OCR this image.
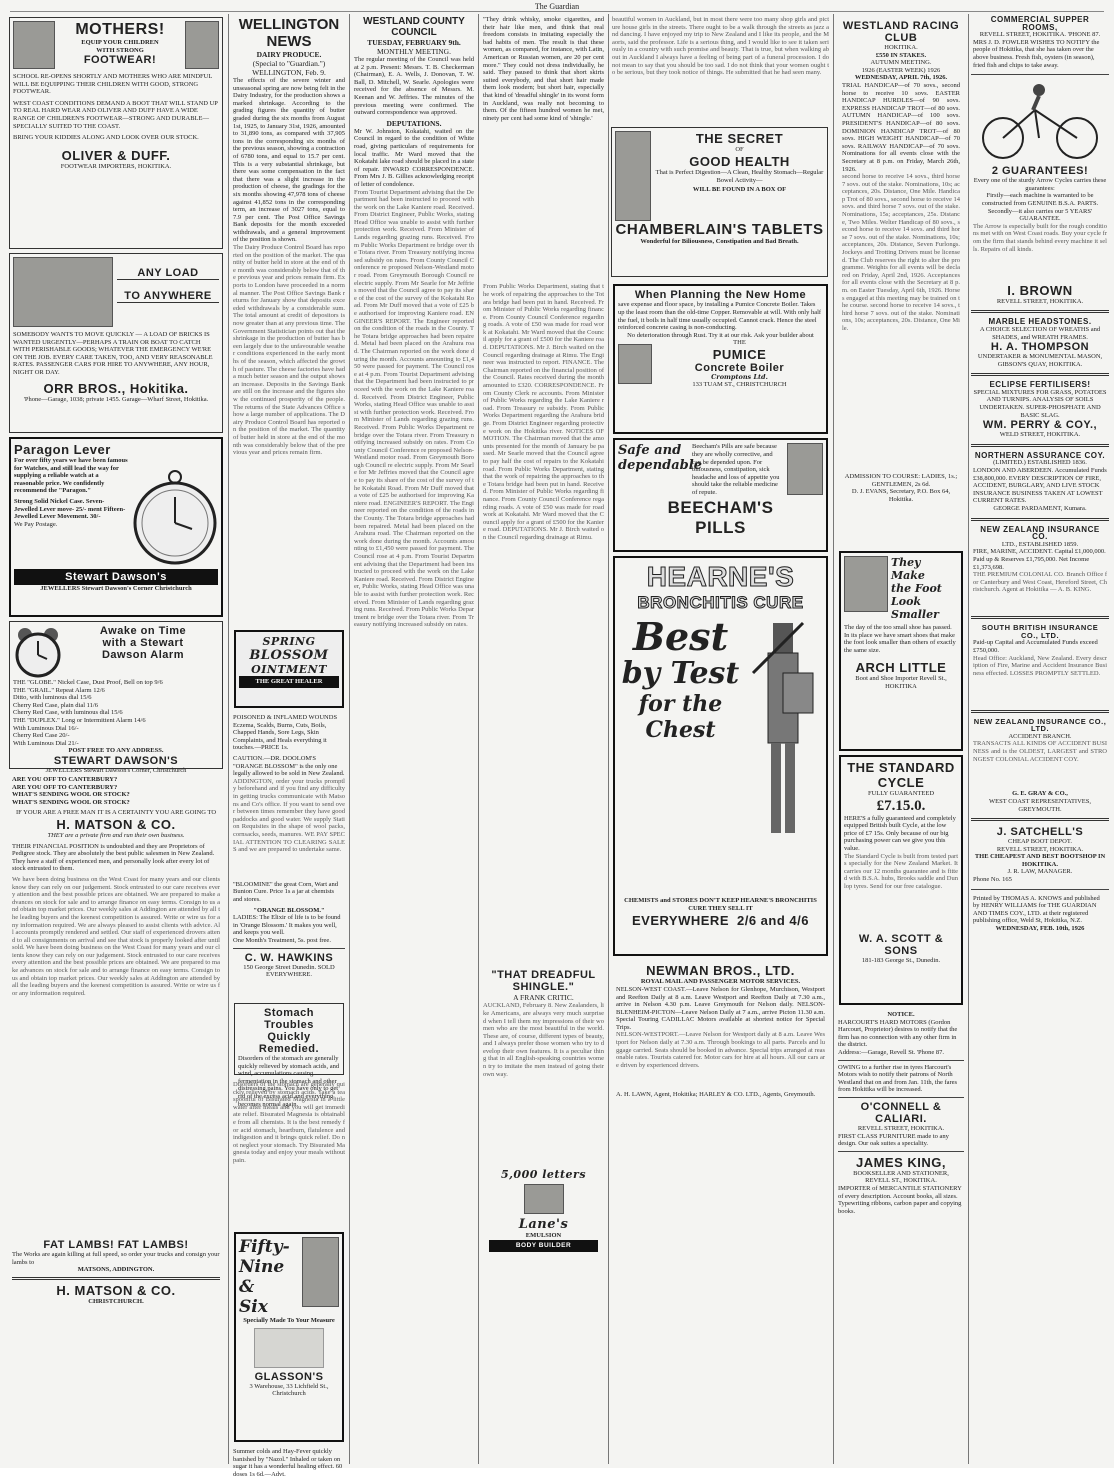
The Guardian
MOTHERS!
EQUIP YOUR CHILDREN
WITH STRONG
FOOTWEAR!
SCHOOL RE-OPENS SHORTLY AND MOTHERS WHO ARE MINDFUL WILL BE EQUIPPING THEIR CHILDREN WITH GOOD, STRONG FOOTWEAR.
WEST COAST CONDITIONS DEMAND A BOOT THAT WILL STAND UP TO REAL HARD WEAR AND OLIVER AND DUFF HAVE A WIDE RANGE OF CHILDREN'S FOOTWEAR—STRONG AND DURABLE—SPECIALLY SUITED TO THE COAST.
BRING YOUR KIDDIES ALONG AND LOOK OVER OUR STOCK.
OLIVER & DUFF.
FOOTWEAR IMPORTERS, HOKITIKA.
ANY LOAD
TO ANYWHERE
SOMEBODY WANTS TO MOVE QUICKLY — A LOAD OF BRICKS IS WANTED URGENTLY—PERHAPS A TRAIN OR BOAT TO CATCH WITH PERISHABLE GOODS; WHATEVER THE EMERGENCY WE'RE ON THE JOB. EVERY CARE TAKEN, TOO, AND VERY REASONABLE RATES. PASSENGER CARS FOR HIRE TO ANYWHERE, ANY HOUR, NIGHT OR DAY.
ORR BROS., Hokitika.
'Phone—Garage, 1038; private 1455. Garage—Wharf Street, Hokitika.
Paragon Lever
For over fifty years we have been famous for Watches, and still lead the way for supplying a reliable watch at a reasonable price. We confidently recommend the "Paragon."
Strong Solid Nickel Case. Seven-Jewelled Lever move- 25/- ment Fifteen-Jewelled Lever Movement. 30/-
We Pay Postage.
Stewart Dawson's
JEWELLERS Stewart Dawson's Corner Christchurch
Awake on Time
with a Stewart
Dawson Alarm
THE "GLOBE." Nickel Case, Dust Proof, Bell on top 9/6
THE "GRAIL." Repeat Alarm 12/6
Ditto, with luminous dial 15/6
Cherry Red Case, plain dial 11/6
Cherry Red Case, with luminous dial 15/6
THE "DUPLEX." Long or Intermittent Alarm 14/6
With Luminous Dial 16/-
Cherry Red Case 20/-
With Luminous Dial 21/-
POST FREE TO ANY ADDRESS.
STEWART DAWSON'S
JEWELLERS Stewart Dawson's Corner, Christchurch
ARE YOU OFF TO CANTERBURY?
ARE YOU OFF TO CANTERBURY?
WHAT'S SENDING WOOL OR STOCK?
WHAT'S SENDING WOOL OR STOCK?
IF YOUR ARE A FREE MAN IT IS A CERTAINTY YOU ARE GOING TO
H. MATSON & CO.
THEY are a private firm and run their own business.
THEIR FINANCIAL POSITION is undoubted and they are Proprietors of Pedigree stock. They are absolutely the best public salesmen in New Zealand. They have a staff of experienced men, and personally look after every lot of stock entrusted to them.
We have been doing business on the West Coast for many years and our clients know they can rely on our judgement. Stock entrusted to our care receives every attention and the best possible prices are obtained. We are prepared to make advances on stock for sale and to arrange finance on easy terms. Consign to us and obtain top market prices. Our weekly sales at Addington are attended by all the leading buyers and the keenest competition is assured. Write or wire us for any information required. We are always pleased to assist clients with advice. All accounts promptly rendered and settled. Our staff of experienced drovers attend to all consignments on arrival and see that stock is properly looked after until sold. We have been doing business on the West Coast for many years and our clients know they can rely on our judgement. Stock entrusted to our care receives every attention and the best possible prices are obtained. We are prepared to make advances on stock for sale and to arrange finance on easy terms. Consign to us and obtain top market prices. Our weekly sales at Addington are attended by all the leading buyers and the keenest competition is assured. Write or wire us for any information required.
FAT LAMBS! FAT LAMBS!
The Works are again killing at full speed, so order your trucks and consign your lambs to
MATSONS, ADDINGTON.
H. MATSON & CO.
CHRISTCHURCH.
WELLINGTON NEWS
DAIRY PRODUCE.
(Special to "Guardian.")
WELLINGTON, Feb. 9.
The effects of the severe winter and unseasonal spring are now being felt in the Dairy Industry, for the production shows a marked shrinkage. According to the grading figures the quantity of butter graded during the six months from August 1st, 1925, to January 31st, 1926, amounted to 31,890 tons, as compared with 37,905 tons in the corresponding six months of the previous season, showing a contraction of 6780 tons, and equal to 15.7 per cent. This is a very substantial shrinkage, but there was some compensation in the fact that there was a slight increase in the production of cheese, the gradings for the six months showing 47,978 tons of cheese against 41,852 tons in the corresponding term, an increase of 3027 tons, equal to 7.9 per cent. The Post Office Savings Bank deposits for the month exceeded withdrawals, and a general improvement of the position is shown.
The Dairy Produce Control Board has reported on the position of the market. The quantity of butter held in store at the end of the month was considerably below that of the previous year and prices remain firm. Exports to London have proceeded in a normal manner. The Post Office Savings Bank returns for January show that deposits exceeded withdrawals by a considerable sum. The total amount at credit of depositors is now greater than at any previous time. The Government Statistician points out that the shrinkage in the production of butter has been largely due to the unfavourable weather conditions experienced in the early months of the season, which affected the growth of pasture. The cheese factories have had a much better season and the output shows an increase. Deposits in the Savings Bank are still on the increase and the figures show the continued prosperity of the people. The returns of the State Advances Office show a large number of applications. The Dairy Produce Control Board has reported on the position of the market. The quantity of butter held in store at the end of the month was considerably below that of the previous year and prices remain firm.
SPRING
BLOSSOM
OINTMENT
THE GREAT HEALER
POISONED & INFLAMED WOUNDS Eczema, Scalds, Burns, Cuts, Boils, Chapped Hands, Sore Legs, Skin Complaints, and Heals everything it touches.—PRICE 1s.
CAUTION.—DR. DOOLOM'S "ORANGE BLOSSOM" is the only one legally allowed to be sold in New Zealand.
ADDINGTON, order your trucks promptly beforehand and if you find any difficulty in getting trucks communicate with Matsons and Co's office. If you want to send over between times remember they have good paddocks and good water. We supply Station Requisites in the shape of wool packs, cornsacks, seeds, manures. WE PAY SPECIAL ATTENTION TO CLEARING SALES and we are prepared to undertake same.
"BLOOMINE" the great Corn, Wart and Bunion Cure. Price 1s a jar at chemists and stores.
"ORANGE BLOSSOM."
LADIES: The Elixir of life is to be found in 'Orange Blossom.' It makes you well, and keeps you well.
One Month's Treatment, 5s. post free.
C. W. HAWKINS
150 George Street Dunedin. SOLD EVERYWHERE.
WESTLAND COUNTY COUNCIL
TUESDAY, FEBRUARY 9th.
MONTHLY MEETING.
The regular meeting of the Council was held at 2 p.m. Present: Messrs. T. B. Checkerman (Chairman), E. A. Wells, J. Donovan, T. W. Ball, D. Mitchell, W. Searle. Apologies were received for the absence of Messrs. M. Keenan and W. Jeffries. The minutes of the previous meeting were confirmed. The outward correspondence was approved.
DEPUTATIONS.
Mr W. Johnston, Kokatahi, waited on the Council in regard to the condition of White road, giving particulars of requirements for local traffic. Mr Ward moved that the Kokatahi lake road should be placed in a state of repair. INWARD CORRESPONDENCE. From Mrs J. B. Gillies acknowledging receipt of letter of condolence.
From Tourist Department advising that the Department had been instructed to proceed with the work on the Lake Kaniere road. Received. From District Engineer, Public Works, stating Head Office was unable to assist with further protection work. Received. From Minister of Lands regarding grazing runs. Received. From Public Works Department re bridge over the Totara river. From Treasury notifying increased subsidy on rates. From County Council Conference re proposed Nelson-Westland motor road. From Greymouth Borough Council re electric supply. From Mr Searle for Mr Jeffries moved that the Council agree to pay its share of the cost of the survey of the Kokatahi Road. From Mr Duff moved that a vote of £25 be authorised for improving Kaniere road. ENGINEER'S REPORT. The Engineer reported on the condition of the roads in the County. The Totara bridge approaches had been repaired. Metal had been placed on the Arahura road. The Chairman reported on the work done during the month. Accounts amounting to £1,450 were passed for payment. The Council rose at 4 p.m. From Tourist Department advising that the Department had been instructed to proceed with the work on the Lake Kaniere road. Received. From District Engineer, Public Works, stating Head Office was unable to assist with further protection work. Received. From Minister of Lands regarding grazing runs. Received. From Public Works Department re bridge over the Totara river. From Treasury notifying increased subsidy on rates. From County Council Conference re proposed Nelson-Westland motor road. From Greymouth Borough Council re electric supply. From Mr Searle for Mr Jeffries moved that the Council agree to pay its share of the cost of the survey of the Kokatahi Road. From Mr Duff moved that a vote of £25 be authorised for improving Kaniere road. ENGINEER'S REPORT. The Engineer reported on the condition of the roads in the County. The Totara bridge approaches had been repaired. Metal had been placed on the Arahura road. The Chairman reported on the work done during the month. Accounts amounting to £1,450 were passed for payment. The Council rose at 4 p.m. From Tourist Department advising that the Department had been instructed to proceed with the work on the Lake Kaniere road. Received. From District Engineer, Public Works, stating Head Office was unable to assist with further protection work. Received. From Minister of Lands regarding grazing runs. Received. From Public Works Department re bridge over the Totara river. From Treasury notifying increased subsidy on rates.
"They drink whisky, smoke cigarettes, and their hair like men, and think that real freedom consists in imitating especially the bad habits of men. The result is that these women, as compared, for instance, with Latin, American or Russian women, are 20 per cent more." They could not dress individually, he said. They paused to think that short skirts suited everybody, and that short hair made them look modern; but short hair, especially that kind of 'dreadful shingle' in its worst form in Auckland, was really not becoming to them. Of the fifteen hundred women he met, ninety per cent had some kind of 'shingle.'
beautiful women in Auckland, but in most there were too many shop girls and picture house girls in the streets. There ought to be a walk through the streets as jazz and dancing. I have enjoyed my trip to New Zealand and I like its people, and the Maoris, said the professor. Life is a serious thing, and I would like to see it taken seriously in a country with such promise and beauty. That is true, but when walking about in Auckland I always have a feeling of being part of a funeral procession. I do not mean to say that you should be too sad. I do not think that your women ought to be serious, but they took notice of things. He submitted that he had seen many.
THE SECRET
OF
GOOD HEALTH
That is Perfect Digestion—A Clean, Healthy Stomach—Regular Bowel Activity—
WILL BE FOUND IN A BOX OF
CHAMBERLAIN'S TABLETS
Wonderful for Biliousness, Constipation and Bad Breath.
From Public Works Department, stating that the work of repairing the approaches to the Totara bridge had been put in hand. Received. From Minister of Public Works regarding finance. From County Council Conference regarding roads. A vote of £50 was made for road work at Kokatahi. Mr Ward moved that the Council apply for a grant of £500 for the Kaniere road. DEPUTATIONS. Mr J. Birch waited on the Council regarding drainage at Rimu. The Engineer was instructed to report. FINANCE. The Chairman reported on the financial position of the Council. Rates received during the month amounted to £320. CORRESPONDENCE. From County Clerk re accounts. From Minister of Public Works regarding the Lake Kaniere road. From Treasury re subsidy. From Public Works Department regarding the Arahura bridge. From District Engineer regarding protective work on the Hokitika river. NOTICES OF MOTION. The Chairman moved that the amounts presented for the month of January be passed. Mr Searle moved that the Council agree to pay half the cost of repairs to the Kokatahi road. From Public Works Department, stating that the work of repairing the approaches to the Totara bridge had been put in hand. Received. From Minister of Public Works regarding finance. From County Council Conference regarding roads. A vote of £50 was made for road work at Kokatahi. Mr Ward moved that the Council apply for a grant of £500 for the Kaniere road. DEPUTATIONS. Mr J. Birch waited on the Council regarding drainage at Rimu.
"THAT DREADFUL SHINGLE."
A FRANK CRITIC.
AUCKLAND, February 8. New Zealanders, like Americans, are always very much surprised when I tell them my impressions of their women who are the most beautiful in the world. These are, of course, different types of beauty, and I always prefer those women who try to develop their own features. It is a peculiar thing that in all English-speaking countries women try to imitate the men instead of going their own way.
5,000 letters
Lane's
EMULSION
BODY BUILDER
When Planning the New Home
save expense and floor space, by installing a Pumice Concrete Boiler. Takes up the least room than the old-time Copper. Removable at will. With only half the fuel, it boils in half time usually occupied. Cannot crack. Hence the steel reinforced concrete casing is non-conducting.
No deterioration through Rust. Try it at our risk. Ask your builder about
THE
PUMICE
Concrete Boiler
Cromptons Ltd.
133 TUAM ST., CHRISTCHURCH
Safe and
dependable
Beecham's Pills are safe because they are wholly corrective, and can be depended upon. For biliousness, constipation, sick headache and loss of appetite you should take the reliable medicine of repute.
BEECHAM'S
PILLS
HEARNE'S
BRONCHITIS CURE
Best
by Test
for the Chest
CHEMISTS and STORES DON'T KEEP HEARNE'S BRONCHITIS CURE THEY SELL IT
EVERYWHERE 2/6 and 4/6
NEWMAN BROS., LTD.
ROYAL MAIL AND PASSENGER MOTOR SERVICES.
NELSON-WEST COAST.—Leave Nelson for Glenhope, Murchison, Westport and Reefton Daily at 8 a.m. Leave Westport and Reefton Daily at 7.30 a.m., arrive in Nelson 4.30 p.m. Leave Greymouth for Nelson daily. NELSON-BLENHEIM-PICTON—Leave Nelson Daily at 7 a.m., arrive Picton 11.30 a.m. Special Touring CADILLAC Motors available at shortest notice for Special Trips.
NELSON-WESTPORT.—Leave Nelson for Westport daily at 8 a.m. Leave Westport for Nelson daily at 7.30 a.m. Through bookings to all parts. Parcels and luggage carried. Seats should be booked in advance. Special trips arranged at reasonable rates. Tourists catered for. Motor cars for hire at all hours. All our cars are driven by experienced drivers.
A. H. LAWN, Agent, Hokitika; HARLEY & CO. LTD., Agents, Greymouth.
Stomach Troubles
Quickly Remedied.
Disorders of the stomach are generally quickly relieved by stomach acids, and wind, accumulations causing fermentation in the stomach and other distressing pains. You have only to get rid of the excess acid and everything becomes normal again.
Disorders of the stomach are generally quickly relieved by stomach acids. Take a teaspoonful of Bisurated Magnesia in a little water after meals and you will get immediate relief. Bisurated Magnesia is obtainable from all chemists. It is the best remedy for acid stomach, heartburn, flatulence and indigestion and it brings quick relief. Do not neglect your stomach. Try Bisurated Magnesia today and enjoy your meals without pain.
Fifty-
Nine &
Six
Specially Made To Your Measure
GLASSON'S
3 Warehouse, 33 Lichfield St., Christchurch
Summer colds and Hay-Fever quickly banished by "Nazol." Inhaled or taken on sugar it has a wonderful healing effect. 60 doses 1s 6d.—Advt.
WESTLAND RACING CLUB
HOKITIKA.
£550 IN STAKES.
AUTUMN MEETING.
1926 (EASTER WEEK) 1926
WEDNESDAY, APRIL 7th, 1926.
TRIAL HANDICAP—of 70 sovs., second horse to receive 10 sovs. EASTER HANDICAP HURDLES—of 90 sovs. EXPRESS HANDICAP TROT—of 80 sovs. AUTUMN HANDICAP—of 100 sovs. PRESIDENT'S HANDICAP—of 80 sovs. DOMINION HANDICAP TROT—of 80 sovs. HIGH WEIGHT HANDICAP—of 70 sovs. RAILWAY HANDICAP—of 70 sovs. Nominations for all events close with the Secretary at 8 p.m. on Friday, March 26th, 1926.
second horse to receive 14 sovs., third horse 7 sovs. out of the stake. Nominations, 10s; acceptances, 20s. Distance, One Mile. Handicap Trot of 80 sovs., second horse to receive 14 sovs. and third horse 7 sovs. out of the stake. Nominations, 15s; acceptances, 25s. Distance, Two Miles. Welter Handicap of 80 sovs., second horse to receive 14 sovs. and third horse 7 sovs. out of the stake. Nominations, 10s; acceptances, 20s. Distance, Seven Furlongs. Jockeys and Trotting Drivers must be licensed. The Club reserves the right to alter the programme. Weights for all events will be declared on Friday, April 2nd, 1926. Acceptances for all events close with the Secretary at 8 p.m. on Easter Tuesday, April 6th, 1926. Horses engaged at this meeting may be trained on the course. second horse to receive 14 sovs., third horse 7 sovs. out of the stake. Nominations, 10s; acceptances, 20s. Distance, One Mile.
ADMISSION TO COURSE: LADIES, 1s.; GENTLEMEN, 2s 6d.
D. J. EVANS, Secretary, P.O. Box 64, Hokitika.
They Make
the Foot Look
Smaller
The day of the too small shoe has passed. In its place we have smart shoes that make the foot look smaller than others of exactly the same size.
ARCH LITTLE
Boot and Shoe Importer Revell St., HOKITIKA
THE STANDARD CYCLE
FULLY GUARANTEED
£7.15.0.
HERE'S a fully guaranteed and completely equipped British built Cycle, at the low price of £7 15s. Only because of our big purchasing power can we give you this value.
The Standard Cycle is built from tested parts specially for the New Zealand Market. It carries our 12 months guarantee and is fitted with B.S.A. hubs, Brooks saddle and Dunlop tyres. Send for our free catalogue.
W. A. SCOTT & SONS
181-183 George St., Dunedin.
NOTICE.
HARCOURT'S HARD MOTORS (Gordon Harcourt, Proprietor) desires to notify that the firm has no connection with any other firm in the district.
Address:—Garage, Revell St. 'Phone 87.
OWING to a further rise in tyres Harcourt's Motors wish to notify their patrons of North Westland that on and from Jan. 11th, the fares from Hokitika will be increased.
O'CONNELL & CALIARI.
REVELL STREET, HOKITIKA.
FIRST CLASS FURNITURE made to any design. Our oak suites a speciality.
JAMES KING,
BOOKSELLER AND STATIONER,
REVELL ST., HOKITIKA.
IMPORTER of MERCANTILE STATIONERY of every description. Account books, all sizes. Typewriting ribbons, carbon paper and copying books.
COMMERCIAL SUPPER ROOMS,
REVELL STREET, HOKITIKA. 'PHONE 87.
MRS J. D. FOWLER WISHES TO NOTIFY the people of Hokitika, that she has taken over the above business. Fresh fish, oysters (in season), fried fish and chips to take away.
2 GUARANTEES!
Every one of the sturdy Arrow Cycles carries these guarantees:
Firstly—each machine is warranted to be constructed from GENUINE B.S.A. PARTS.
Secondly—it also carries our 5 YEARS' GUARANTEE.
The Arrow is especially built for the rough conditions met with on West Coast roads. Buy your cycle from the firm that stands behind every machine it sells. Repairs of all kinds.
I. BROWN
REVELL STREET, HOKITIKA.
MARBLE HEADSTONES.
A CHOICE SELECTION OF WREATHS and SHADES, and WREATH FRAMES.
H. A. THOMPSON
UNDERTAKER & MONUMENTAL MASON, GIBSON'S QUAY, HOKITIKA.
ECLIPSE FERTILISERS!
SPECIAL MIXTURES FOR GRASS, POTATOES AND TURNIPS. ANALYSIS OF SOILS UNDERTAKEN. SUPER-PHOSPHATE AND BASIC SLAG.
WM. PERRY & COY.,
WELD STREET, HOKITIKA.
NORTHERN ASSURANCE COY.
(LIMITED.) ESTABLISHED 1836.
LONDON AND ABERDEEN. Accumulated Funds £38,800,000. EVERY DESCRIPTION OF FIRE, ACCIDENT, BURGLARY, AND LIVE STOCK INSURANCE BUSINESS TAKEN AT LOWEST CURRENT RATES.
GEORGE PARDAMENT, Kumara.
NEW ZEALAND INSURANCE CO.
LTD., ESTABLISHED 1859.
FIRE, MARINE, ACCIDENT. Capital £1,000,000. Paid up & Reserves £1,795,000. Net Income £1,373,698.
THE PREMIUM COLONIAL CO. Branch Office for Canterbury and West Coast, Hereford Street, Christchurch. Agent at Hokitika — A. B. KING.
SOUTH BRITISH INSURANCE CO., LTD.
Paid-up Capital and Accumulated Funds exceed £750,000.
Head Office: Auckland, New Zealand. Every description of Fire, Marine and Accident Insurance Business effected. LOSSES PROMPTLY SETTLED.
NEW ZEALAND INSURANCE CO., LTD.
ACCIDENT BRANCH.
TRANSACTS ALL KINDS OF ACCIDENT BUSINESS and is the OLDEST, LARGEST and STRONGEST COLONIAL ACCIDENT COY.
G. E. GRAY & CO.,
WEST COAST REPRESENTATIVES, GREYMOUTH.
J. SATCHELL'S
CHEAP BOOT DEPOT.
REVELL STREET, HOKITIKA.
THE CHEAPEST AND BEST BOOTSHOP IN HOKITIKA.
J. R. LAW, MANAGER.
Phone No. 165
Printed by THOMAS A. KNOWS and published by HENRY WILLIAMS for THE GUARDIAN AND TIMES COY., LTD. at their registered publishing office, Weld St, Hokitika, N.Z.
WEDNESDAY, FEB. 10th, 1926
